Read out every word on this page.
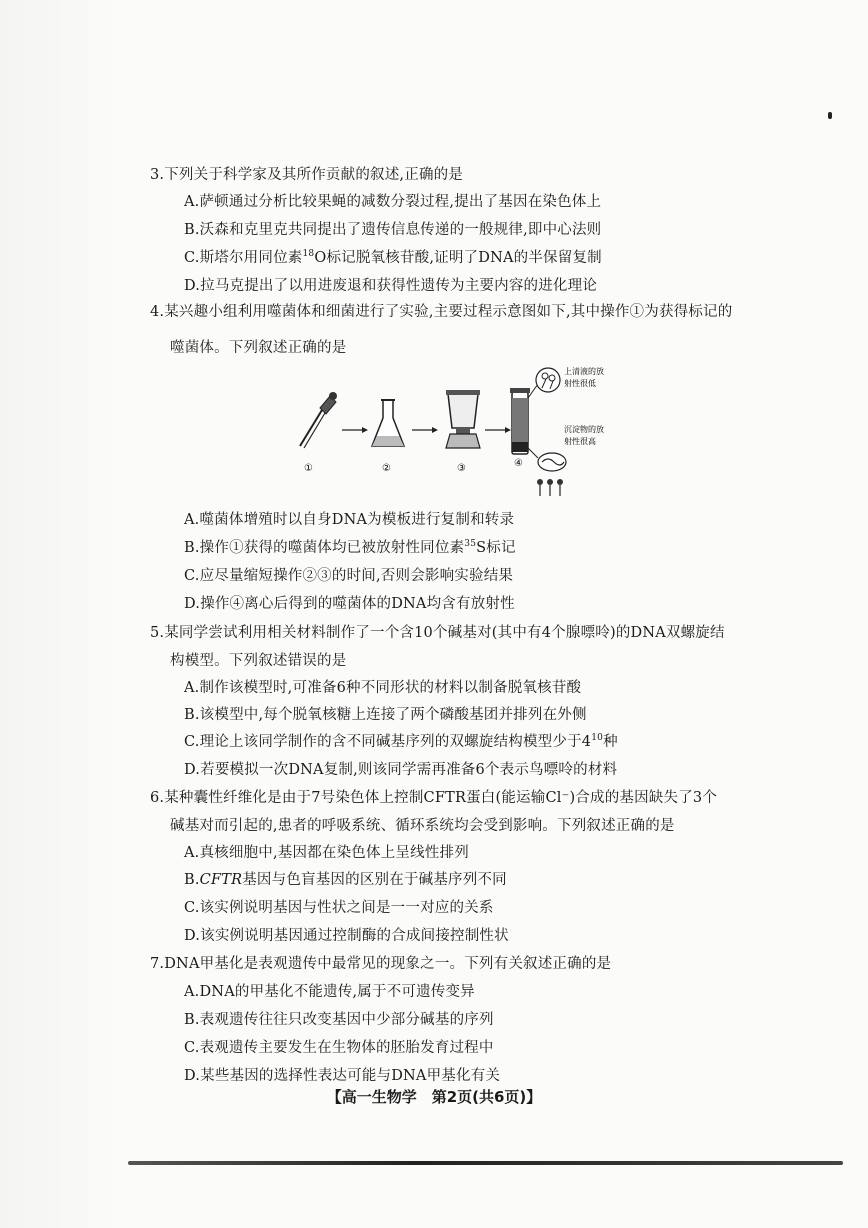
3.下列关于科学家及其所作贡献的叙述,正确的是
A.萨顿通过分析比较果蝇的减数分裂过程,提出了基因在染色体上
B.沃森和克里克共同提出了遗传信息传递的一般规律,即中心法则
C.斯塔尔用同位素$^{18}$O标记脱氧核苷酸,证明了DNA的半保留复制
D.拉马克提出了以用进废退和获得性遗传为主要内容的进化理论
4.某兴趣小组利用噬菌体和细菌进行了实验,主要过程示意图如下,其中操作①为获得标记的
噬菌体。下列叙述正确的是
①	②	③	④
上清液的放
射性很低
沉淀物的放
射性很高
A.噬菌体增殖时以自身DNA为模板进行复制和转录
B.操作①获得的噬菌体均已被放射性同位素$^{35}$S标记
C.应尽量缩短操作②③的时间,否则会影响实验结果
D.操作④离心后得到的噬菌体的DNA均含有放射性
5.某同学尝试利用相关材料制作了一个含10个碱基对(其中有4个腺嘌呤)的DNA双螺旋结
构模型。下列叙述错误的是
A.制作该模型时,可准备6种不同形状的材料以制备脱氧核苷酸
B.该模型中,每个脱氧核糖上连接了两个磷酸基团并排列在外侧
C.理论上该同学制作的含不同碱基序列的双螺旋结构模型少于$4^{10}$种
D.若要模拟一次DNA复制,则该同学需再准备6个表示鸟嘌呤的材料
6.某种囊性纤维化是由于7号染色体上控制CFTR蛋白(能运输Cl⁻)合成的基因缺失了3个
碱基对而引起的,患者的呼吸系统、循环系统均会受到影响。下列叙述正确的是
A.真核细胞中,基因都在染色体上呈线性排列
B.CFTR基因与色盲基因的区别在于碱基序列不同
C.该实例说明基因与性状之间是一一对应的关系
D.该实例说明基因通过控制酶的合成间接控制性状
7.DNA甲基化是表观遗传中最常见的现象之一。下列有关叙述正确的是
A.DNA的甲基化不能遗传,属于不可遗传变异
B.表观遗传往往只改变基因中少部分碱基的序列
C.表观遗传主要发生在生物体的胚胎发育过程中
D.某些基因的选择性表达可能与DNA甲基化有关
【高一生物学　第2页(共6页)】
